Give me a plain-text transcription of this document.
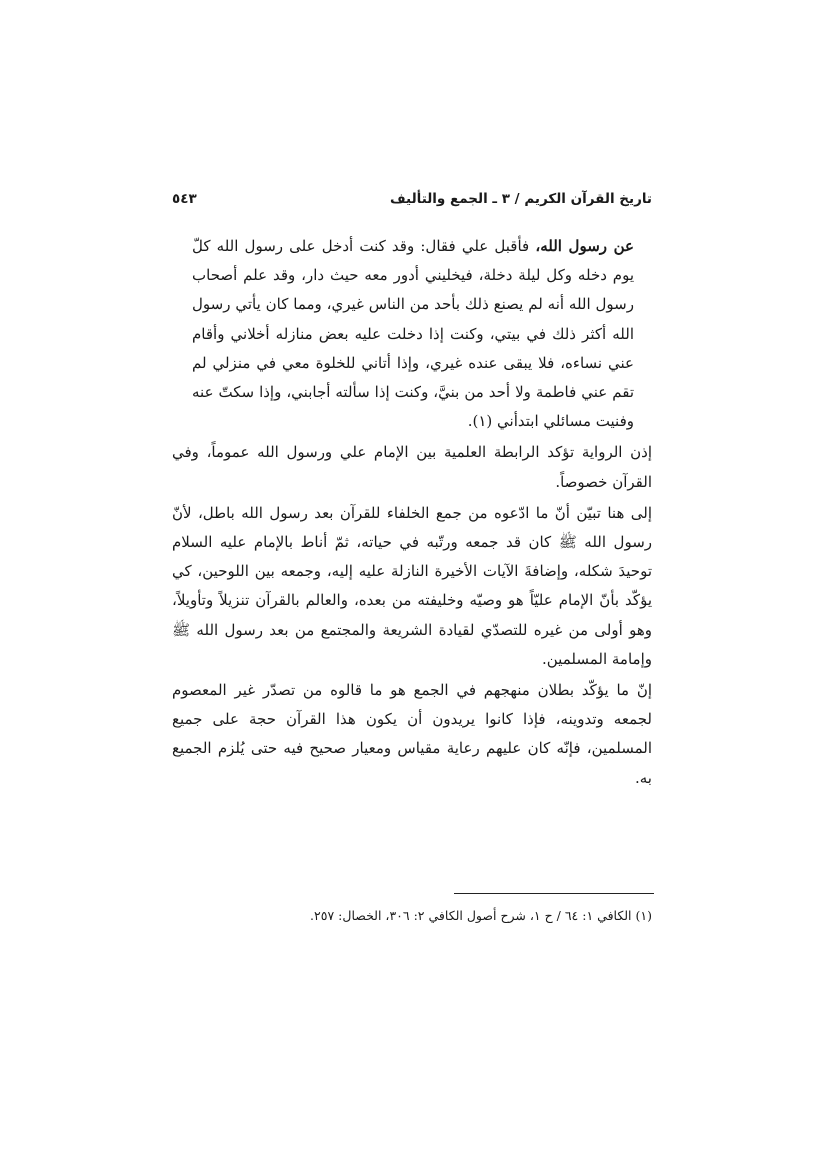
تاريخ القرآن الكريم / ٣ ـ الجمع والتأليف
٥٤٣

عن رسول الله، فأقبل علي فقال: وقد كنت أدخل على رسول الله كلّ يوم دخله وكل ليلة دخلة، فيخليني أدور معه حيث دار، وقد علم أصحاب رسول الله أنه لم يصنع ذلك بأحد من الناس غيري، ومما كان يأتي رسول الله أكثر ذلك في بيتي، وكنت إذا دخلت عليه بعض منازله أخلاني وأقام عني نساءه، فلا يبقى عنده غيري، وإذا أتاني للخلوة معي في منزلي لم تقم عني فاطمة ولا أحد من بنيَّ، وكنت إذا سألته أجابني، وإذا سكتّ عنه وفنيت مسائلي ابتدأني (١).

إذن الرواية تؤكد الرابطة العلمية بين الإمام علي ورسول الله عموماً، وفي القرآن خصوصاً.

إلى هنا تبيّن أنّ ما ادّعوه من جمع الخلفاء للقرآن بعد رسول الله باطل، لأنّ رسول الله ﷺ كان قد جمعه ورتّبه في حياته، ثمّ أناط بالإمام عليه السلام توحيدَ شكله، وإضافةَ الآيات الأخيرة النازلة عليه إليه، وجمعه بين اللوحين، كي يؤكّد بأنّ الإمام عليّاً هو وصيّه وخليفته من بعده، والعالم بالقرآن تنزيلاً وتأويلاً، وهو أولى من غيره للتصدّي لقيادة الشريعة والمجتمع من بعد رسول الله ﷺ وإمامة المسلمين.

إنّ ما يؤكّد بطلان منهجهم في الجمع هو ما قالوه من تصدّر غير المعصوم لجمعه وتدوينه، فإذا كانوا يريدون أن يكون هذا القرآن حجة على جميع المسلمين، فإنّه كان عليهم رعاية مقياس ومعيار صحيح فيه حتى يُلزم الجميع به.

(١) الكافي ١: ٦٤ / ح ١، شرح أصول الكافي ٢: ٣٠٦، الخصال: ٢٥٧.
